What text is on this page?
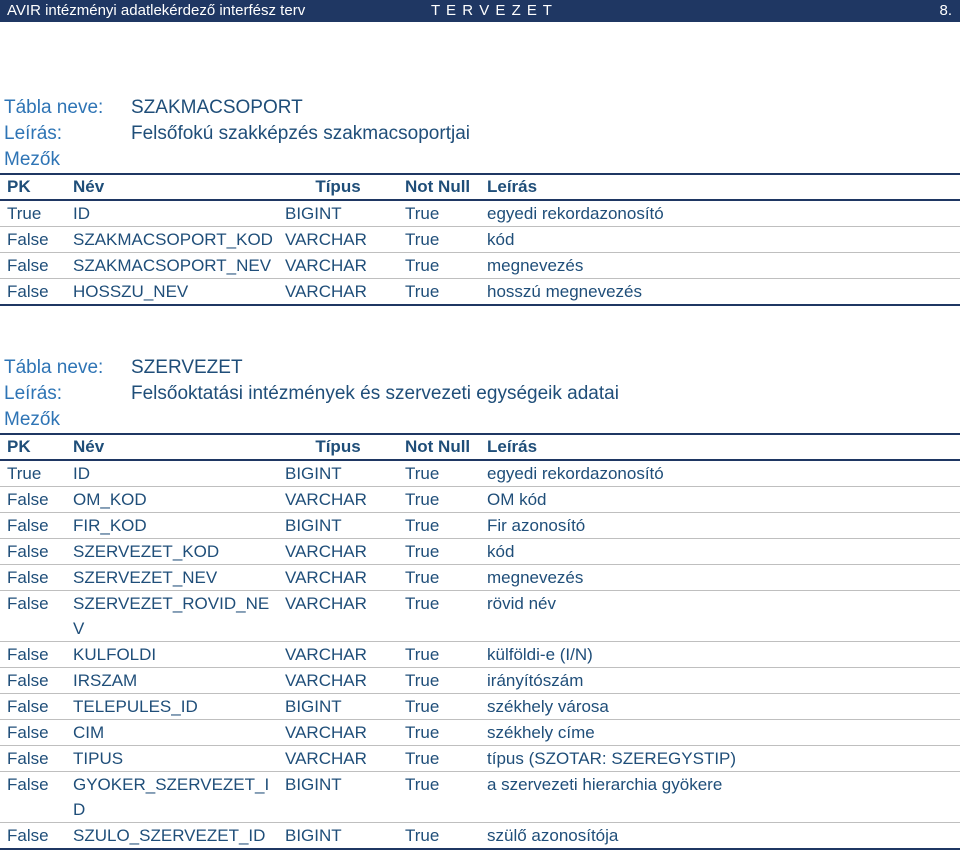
AVIR intézményi adatlekérdező interfész terv	T E R V E Z E T	8.
Tábla neve: SZAKMACSOPORT
Leírás:	Felsőfokú szakképzés szakmacsoportjai
Mezők
PK	Név	Típus	Not Null	Leírás
True	ID	BIGINT	True	egyedi rekordazonosító
False	SZAKMACSOPORT_KOD	VARCHAR	True	kód
False	SZAKMACSOPORT_NEV	VARCHAR	True	megnevezés
False	HOSSZU_NEV	VARCHAR	True	hosszú megnevezés
Tábla neve: SZERVEZET
Leírás:	Felsőoktatási intézmények és szervezeti egységeik adatai
Mezők
PK	Név	Típus	Not Null	Leírás
True	ID	BIGINT	True	egyedi rekordazonosító
False	OM_KOD	VARCHAR	True	OM kód
False	FIR_KOD	BIGINT	True	Fir azonosító
False	SZERVEZET_KOD	VARCHAR	True	kód
False	SZERVEZET_NEV	VARCHAR	True	megnevezés
False	SZERVEZET_ROVID_NEV	VARCHAR	True	rövid név
False	KULFOLDI	VARCHAR	True	külföldi-e (I/N)
False	IRSZAM	VARCHAR	True	irányítószám
False	TELEPULES_ID	BIGINT	True	székhely városa
False	CIM	VARCHAR	True	székhely címe
False	TIPUS	VARCHAR	True	típus (SZOTAR: SZEREGYSTIP)
False	GYOKER_SZERVEZET_ID	BIGINT	True	a szervezeti hierarchia gyökere
False	SZULO_SZERVEZET_ID	BIGINT	True	szülő azonosítója
